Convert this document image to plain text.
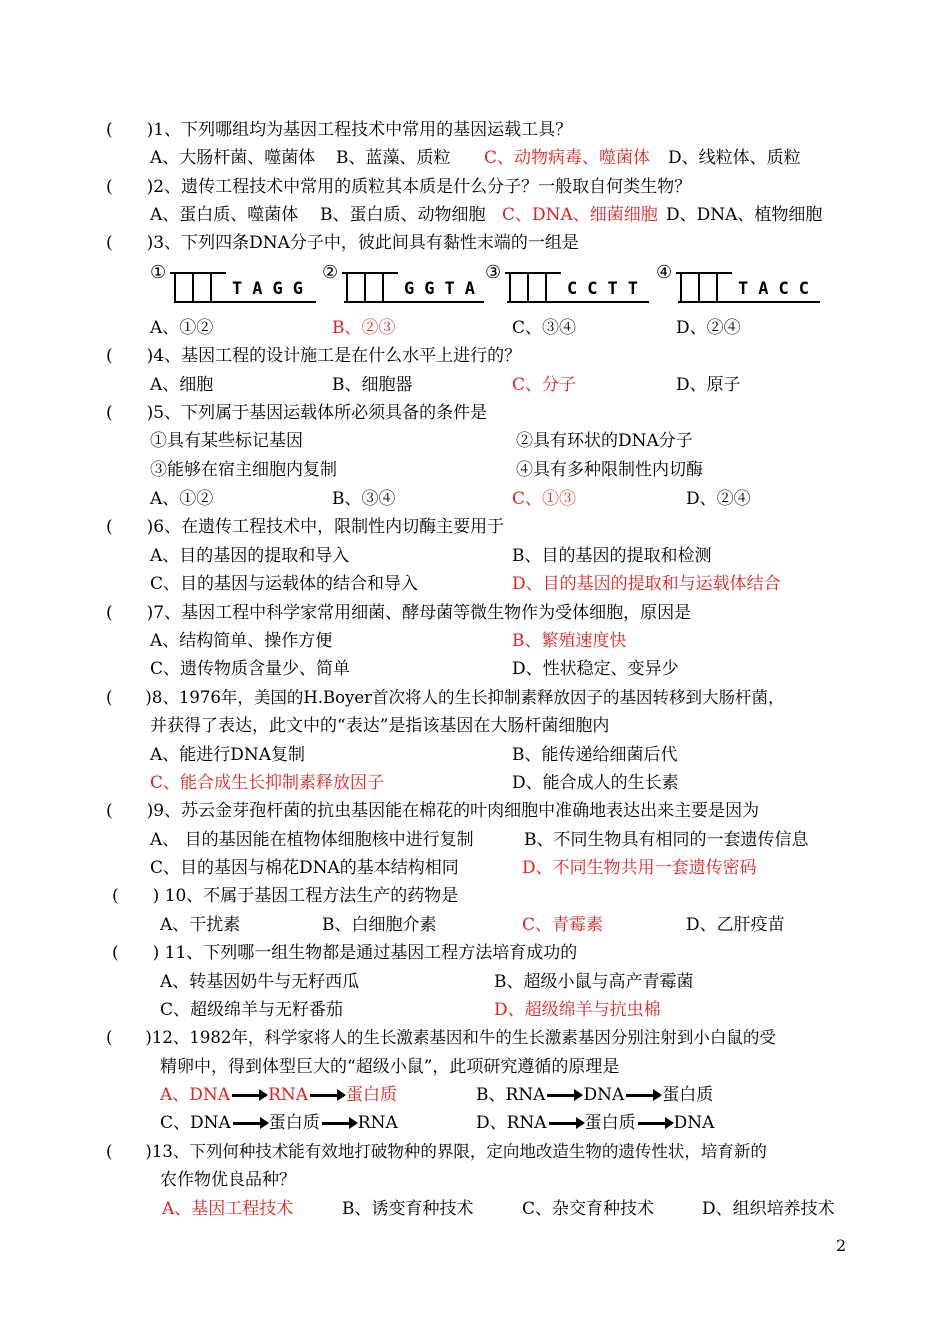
(　　)1、下列哪组均为基因工程技术中常用的基因运载工具？
A、大肠杆菌、噬菌体 B、蓝藻、质粒 C、动物病毒、噬菌体 D、线粒体、质粒
(　　)2、遗传工程技术中常用的质粒其本质是什么分子？一般取自何类生物？
A、蛋白质、噬菌体 B、蛋白质、动物细胞 C、DNA、细菌细胞 D、DNA、植物细胞
(　　)3、下列四条DNA分子中，彼此间具有黏性末端的一组是
①
TAGG
②
GGTA
③
CCTT
④
TACC
A、①②	B、②③	C、③④	D、②④
(　　)4、基因工程的设计施工是在什么水平上进行的？
A、细胞	B、细胞器	C、分子	D、原子
(　　)5、下列属于基因运载体所必须具备的条件是
①具有某些标记基因	②具有环状的DNA分子
③能够在宿主细胞内复制	④具有多种限制性内切酶
A、①②	B、③④	C、①③	D、②④
(　　)6、在遗传工程技术中，限制性内切酶主要用于
A、目的基因的提取和导入	B、目的基因的提取和检测
C、目的基因与运载体的结合和导入	D、目的基因的提取和与运载体结合
(　　)7、基因工程中科学家常用细菌、酵母菌等微生物作为受体细胞，原因是
A、结构简单、操作方便	B、繁殖速度快
C、遗传物质含量少、简单	D、性状稳定、变异少
(　　)8、1976年，美国的H.Boyer首次将人的生长抑制素释放因子的基因转移到大肠杆菌，
并获得了表达，此文中的“表达”是指该基因在大肠杆菌细胞内
A、能进行DNA复制	B、能传递给细菌后代
C、能合成生长抑制素释放因子	D、能合成人的生长素
(　　)9、苏云金芽孢杆菌的抗虫基因能在棉花的叶肉细胞中准确地表达出来主要是因为
A、 目的基因能在植物体细胞核中进行复制	B、不同生物具有相同的一套遗传信息
C、目的基因与棉花DNA的基本结构相同	D、不同生物共用一套遗传密码
(　　) 10、不属于基因工程方法生产的药物是
A、干扰素	B、白细胞介素	C、青霉素	D、乙肝疫苗
(　　) 11、下列哪一组生物都是通过基因工程方法培育成功的
A、转基因奶牛与无籽西瓜	B、超级小鼠与高产青霉菌
C、超级绵羊与无籽番茄	D、超级绵羊与抗虫棉
(　　)12、1982年，科学家将人的生长激素基因和牛的生长激素基因分别注射到小白鼠的受
精卵中，得到体型巨大的“超级小鼠”，此项研究遵循的原理是
A、DNA RNA 蛋白质	B、RNA DNA 蛋白质
C、DNA 蛋白质 RNA	D、RNA 蛋白质 DNA
(　　)13、下列何种技术能有效地打破物种的界限，定向地改造生物的遗传性状，培育新的
农作物优良品种？
A、基因工程技术	B、诱变育种技术	C、杂交育种技术	D、组织培养技术
2
